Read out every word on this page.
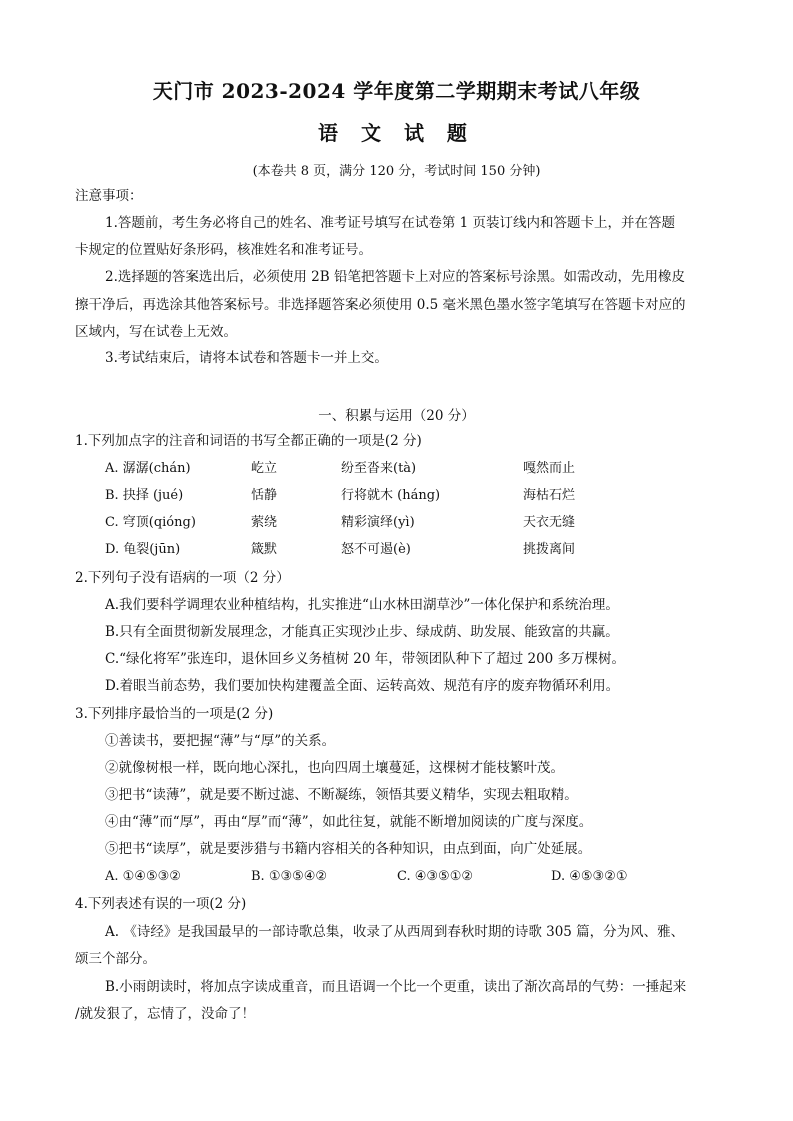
天门市 2023-2024 学年度第二学期期末考试八年级
语 文 试 题
(本卷共 8 页，满分 120 分，考试时间 150 分钟)
注意事项：
1.答题前，考生务必将自己的姓名、准考证号填写在试卷第 1 页装订线内和答题卡上，并在答题
卡规定的位置贴好条形码，核准姓名和准考证号。
2.选择题的答案选出后，必须使用 2B 铅笔把答题卡上对应的答案标号涂黑。如需改动，先用橡皮
擦干净后，再选涂其他答案标号。非选择题答案必须使用 0.5 毫米黑色墨水签字笔填写在答题卡对应的
区域内，写在试卷上无效。
3.考试结束后，请将本试卷和答题卡一并上交。
一、积累与运用（20 分）
1.下列加点字的注音和词语的书写全都正确的一项是(2 分)
A. 潺潺(chán)	屹立	纷至沓来(tà)	嘎然而止
B. 抉择 (jué)	恬静	行将就木 (háng)	海枯石烂
C. 穹顶(qióng)	萦绕	精彩演绎(yì)	天衣无缝
D. 龟裂(jūn)	箴默	怒不可遏(è)	挑拨离间
2.下列句子没有语病的一项（2 分）
A.我们要科学调理农业种植结构，扎实推进“山水林田湖草沙”一体化保护和系统治理。
B.只有全面贯彻新发展理念，才能真正实现沙止步、绿成荫、助发展、能致富的共赢。
C.“绿化将军”张连印，退休回乡义务植树 20 年，带领团队种下了超过 200 多万棵树。
D.着眼当前态势，我们要加快构建覆盖全面、运转高效、规范有序的废弃物循环利用。
3.下列排序最恰当的一项是(2 分)
①善读书，要把握“薄”与“厚”的关系。
②就像树根一样，既向地心深扎，也向四周土壤蔓延，这棵树才能枝繁叶茂。
③把书“读薄”，就是要不断过滤、不断凝练，领悟其要义精华，实现去粗取精。
④由“薄”而“厚”，再由“厚”而“薄”，如此往复，就能不断增加阅读的广度与深度。
⑤把书“读厚”，就是要涉猎与书籍内容相关的各种知识，由点到面，向广处延展。
A. ①④⑤③②	B. ①③⑤④②	C. ④③⑤①②	D. ④⑤③②①
4.下列表述有误的一项(2 分)
A. 《诗经》是我国最早的一部诗歌总集，收录了从西周到春秋时期的诗歌 305 篇，分为风、雅、
颂三个部分。
B.小雨朗读时，将加点字读成重音，而且语调一个比一个更重，读出了渐次高昂的气势：一捶起来
/就发狠了，忘情了，没命了！
